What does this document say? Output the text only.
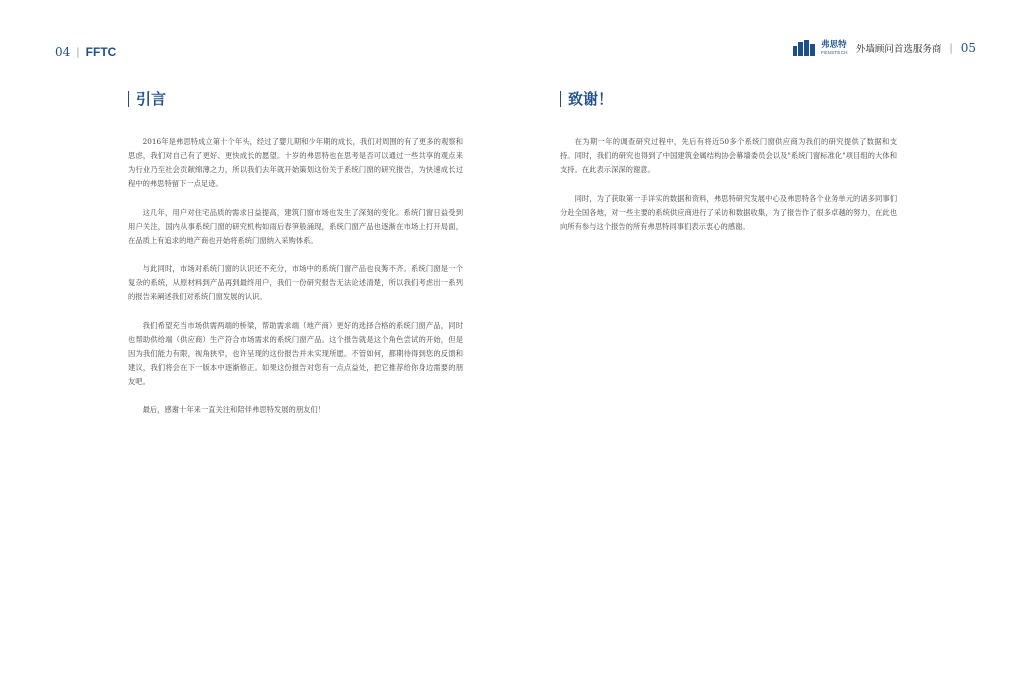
04 | FFTC	弗思特
FENSTECH 外墙顾问首选服务商 | 05
引言

2016年是弗思特成立第十个年头，经过了婴儿期和少年期的成长，我们对周围的有了更多的观察和思虑，我们对自己有了更好、更快成长的愿望。十岁的弗思特也在思考是否可以通过一些共享的观点来为行业乃至社会贡献绵薄之力，所以我们去年就开始策划这份关于系统门窗的研究报告，为快速成长过程中的弗思特留下一点足迹。

这几年，用户对住宅品质的需求日益提高，建筑门窗市场也发生了深刻的变化。系统门窗日益受到用户关注，国内从事系统门窗的研究机构如雨后春笋般涌现，系统门窗产品也逐渐在市场上打开局面，在品质上有追求的地产商也开始将系统门窗纳入采购体系。

与此同时，市场对系统门窗的认识还不充分，市场中的系统门窗产品也良莠不齐。系统门窗是一个复杂的系统，从原材料到产品再到最终用户，我们一份研究报告无法论述清楚，所以我们考虑出一系列的报告来阐述我们对系统门窗发展的认识。

我们希望充当市场供需两端的桥梁，帮助需求端（地产商）更好的选择合格的系统门窗产品，同时也帮助供给端（供应商）生产符合市场需求的系统门窗产品。这个报告就是这个角色尝试的开始，但是因为我们能力有限，视角狭窄，也许呈现的这份报告并未实现所愿。不管如何，都期待得到您的反馈和建议，我们将会在下一版本中逐渐修正。如果这份报告对您有一点点益处，把它推荐给你身边需要的朋友吧。

最后，感谢十年来一直关注和陪伴弗思特发展的朋友们！

致谢！

在为期一年的调查研究过程中，先后有将近50多个系统门窗供应商为我们的研究提供了数据和支持。同时，我们的研究也得到了中国建筑金属结构协会幕墙委员会以及"系统门窗标准化"项目组的大体和支持。在此表示深深的谢意。

同时，为了获取第一手详实的数据和资料，弗思特研究发展中心及弗思特各个业务单元的诸多同事们分赴全国各地，对一些主要的系统供应商进行了采访和数据收集，为了报告作了很多卓越的努力，在此也向所有参与这个报告的所有弗思特同事们表示衷心的感谢。
